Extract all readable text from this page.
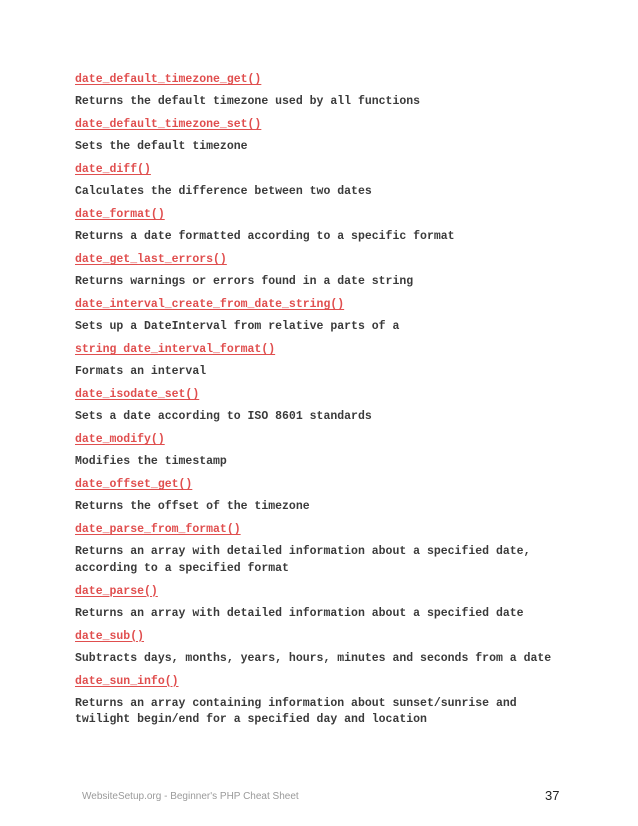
date_default_timezone_get()
Returns the default timezone used by all functions
date_default_timezone_set()
Sets the default timezone
date_diff()
Calculates the difference between two dates
date_format()
Returns a date formatted according to a specific format
date_get_last_errors()
Returns warnings or errors found in a date string
date_interval_create_from_date_string()
Sets up a DateInterval from relative parts of a
string date_interval_format()
Formats an interval
date_isodate_set()
Sets a date according to ISO 8601 standards
date_modify()
Modifies the timestamp
date_offset_get()
Returns the offset of the timezone
date_parse_from_format()
Returns an array with detailed information about a specified date, according to a specified format
date_parse()
Returns an array with detailed information about a specified date
date_sub()
Subtracts days, months, years, hours, minutes and seconds from a date
date_sun_info()
Returns an array containing information about sunset/sunrise and twilight begin/end for a specified day and location
WebsiteSetup.org - Beginner's PHP Cheat Sheet	37
